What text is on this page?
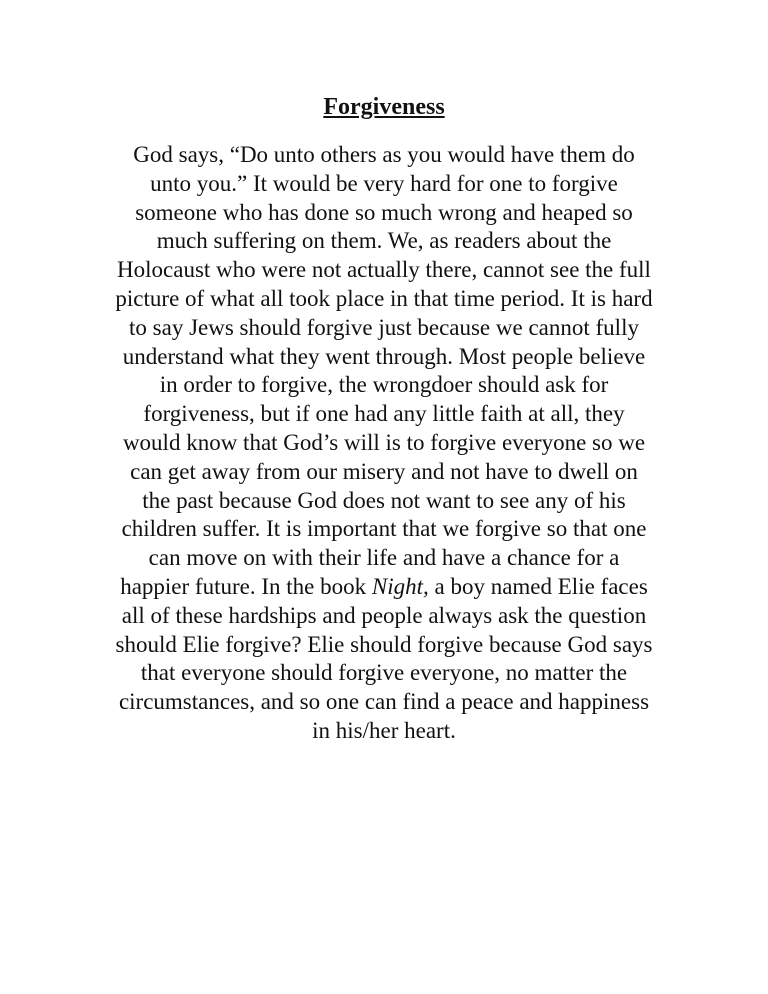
Forgiveness
God says, “Do unto others as you would have them do
unto you.” It would be very hard for one to forgive
someone who has done so much wrong and heaped so
much suffering on them. We, as readers about the
Holocaust who were not actually there, cannot see the full
picture of what all took place in that time period. It is hard
to say Jews should forgive just because we cannot fully
understand what they went through. Most people believe
in order to forgive, the wrongdoer should ask for
forgiveness, but if one had any little faith at all, they
would know that God’s will is to forgive everyone so we
can get away from our misery and not have to dwell on
the past because God does not want to see any of his
children suffer. It is important that we forgive so that one
can move on with their life and have a chance for a
happier future. In the book Night, a boy named Elie faces
all of these hardships and people always ask the question
should Elie forgive? Elie should forgive because God says
that everyone should forgive everyone, no matter the
circumstances, and so one can find a peace and happiness
in his/her heart.
